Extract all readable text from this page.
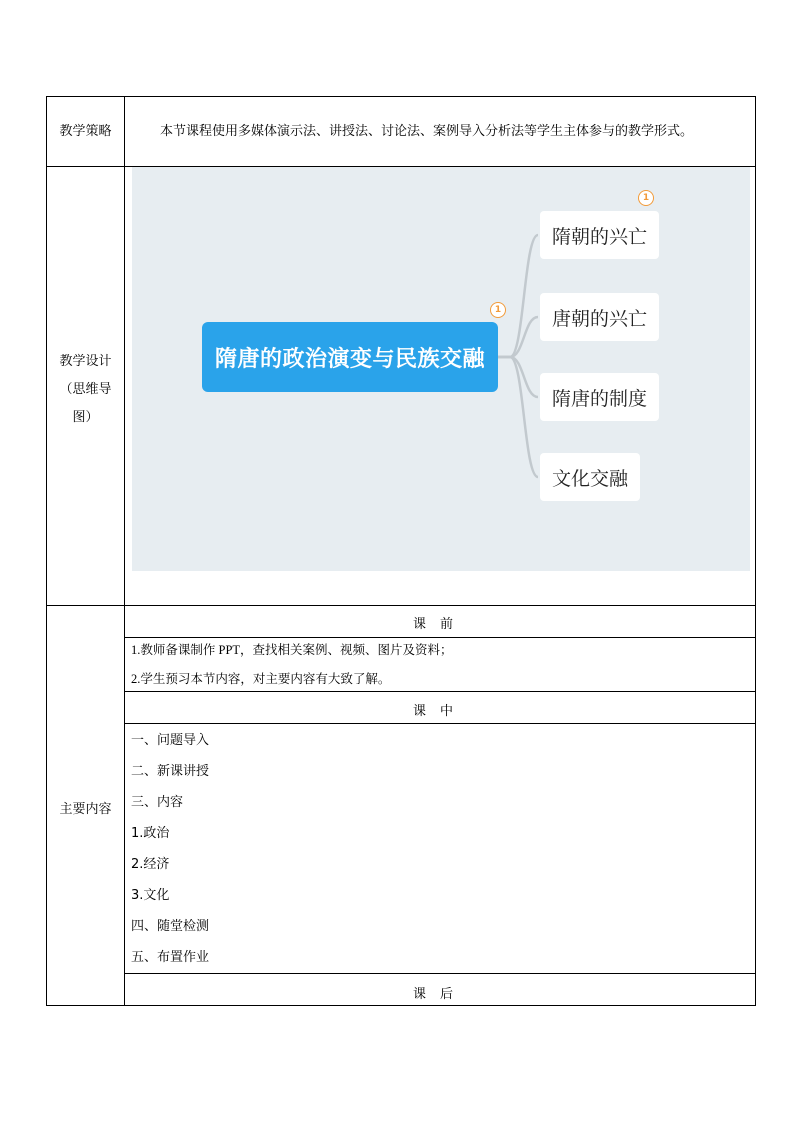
教学策略	本节课程使用多媒体演示法、讲授法、讨论法、案例导入分析法等学生主体参与的教学形式。
教学设计
（思维导
图）
隋唐的政治演变与民族交融
1
隋朝的兴亡
1
唐朝的兴亡
隋唐的制度
文化交融
主要内容
课前
1.教师备课制作 PPT，查找相关案例、视频、图片及资料；
2.学生预习本节内容，对主要内容有大致了解。
课中
一、问题导入
二、新课讲授
三、内容
1.政治
2.经济
3.文化
四、随堂检测
五、布置作业
课后
